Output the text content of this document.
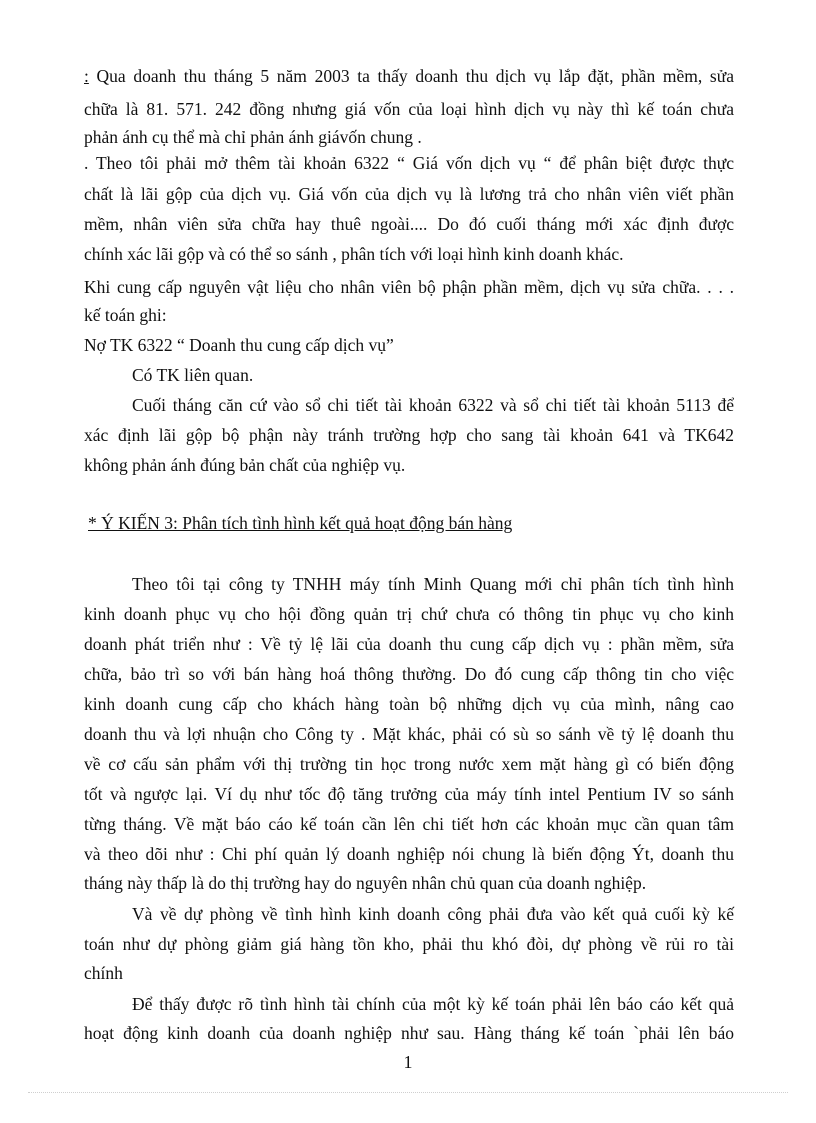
: Qua doanh thu tháng 5 năm 2003 ta thấy doanh thu dịch vụ lắp đặt, phần mềm, sửa
chữa là 81. 571. 242 đồng nhưng giá vốn của loại hình dịch vụ này thì kế toán chưa
phản ánh cụ thể mà chỉ phản ánh giávốn chung .
. Theo tôi phải mở thêm tài khoản 6322 “ Giá vốn dịch vụ “ để phân biệt được thực
chất là lãi gộp của dịch vụ. Giá vốn của dịch vụ là lương trả cho nhân viên viết phần
mềm, nhân viên sửa chữa hay thuê ngoài.... Do đó cuối tháng mới xác định được
chính xác lãi gộp và có thể so sánh , phân tích với loại hình kinh doanh khác.
Khi cung cấp nguyên vật liệu cho nhân viên bộ phận phần mềm, dịch vụ sửa chữa. . . .
kế toán ghi:
Nợ TK 6322 “ Doanh thu cung cấp dịch vụ”
Có TK liên quan.
Cuối tháng căn cứ vào sổ chi tiết tài khoản 6322 và sổ chi tiết tài khoản 5113 để
xác định lãi gộp bộ phận này tránh trường hợp cho sang tài khoản 641 và TK642
không phản ánh đúng bản chất của nghiệp vụ.
* Ý KIẾN 3: Phân tích tình hình kết quả hoạt động bán hàng
Theo tôi tại công ty TNHH máy tính Minh Quang mới chỉ phân tích tình hình
kinh doanh phục vụ cho hội đồng quản trị chứ chưa có thông tin phục vụ cho kinh
doanh phát triển như : Về tỷ lệ lãi của doanh thu cung cấp dịch vụ : phần mềm, sửa
chữa, bảo trì so với bán hàng hoá thông thường. Do đó cung cấp thông tin cho việc
kinh doanh cung cấp cho khách hàng toàn bộ những dịch vụ của mình, nâng cao
doanh thu và lợi nhuận cho Công ty . Mặt khác, phải có sù so sánh về tỷ lệ doanh thu
về cơ cấu sản phẩm với thị trường tin học trong nước xem mặt hàng gì có biến động
tốt và ngược lại. Ví dụ như tốc độ tăng trưởng của máy tính intel Pentium IV so sánh
từng tháng. Về mặt báo cáo kế toán cần lên chi tiết hơn các khoản mục cần quan tâm
và theo dõi như : Chi phí quản lý doanh nghiệp nói chung là biến động Ýt, doanh thu
tháng này thấp là do thị trường hay do nguyên nhân chủ quan của doanh nghiệp.
Và về dự phòng về tình hình kinh doanh công phải đưa vào kết quả cuối kỳ kế
toán như dự phòng giảm giá hàng tồn kho, phải thu khó đòi, dự phòng về rủi ro tài
chính
Để thấy được rõ tình hình tài chính của một kỳ kế toán phải lên báo cáo kết quả
hoạt động kinh doanh của doanh nghiệp như sau. Hàng tháng kế toán `phải lên báo
1
